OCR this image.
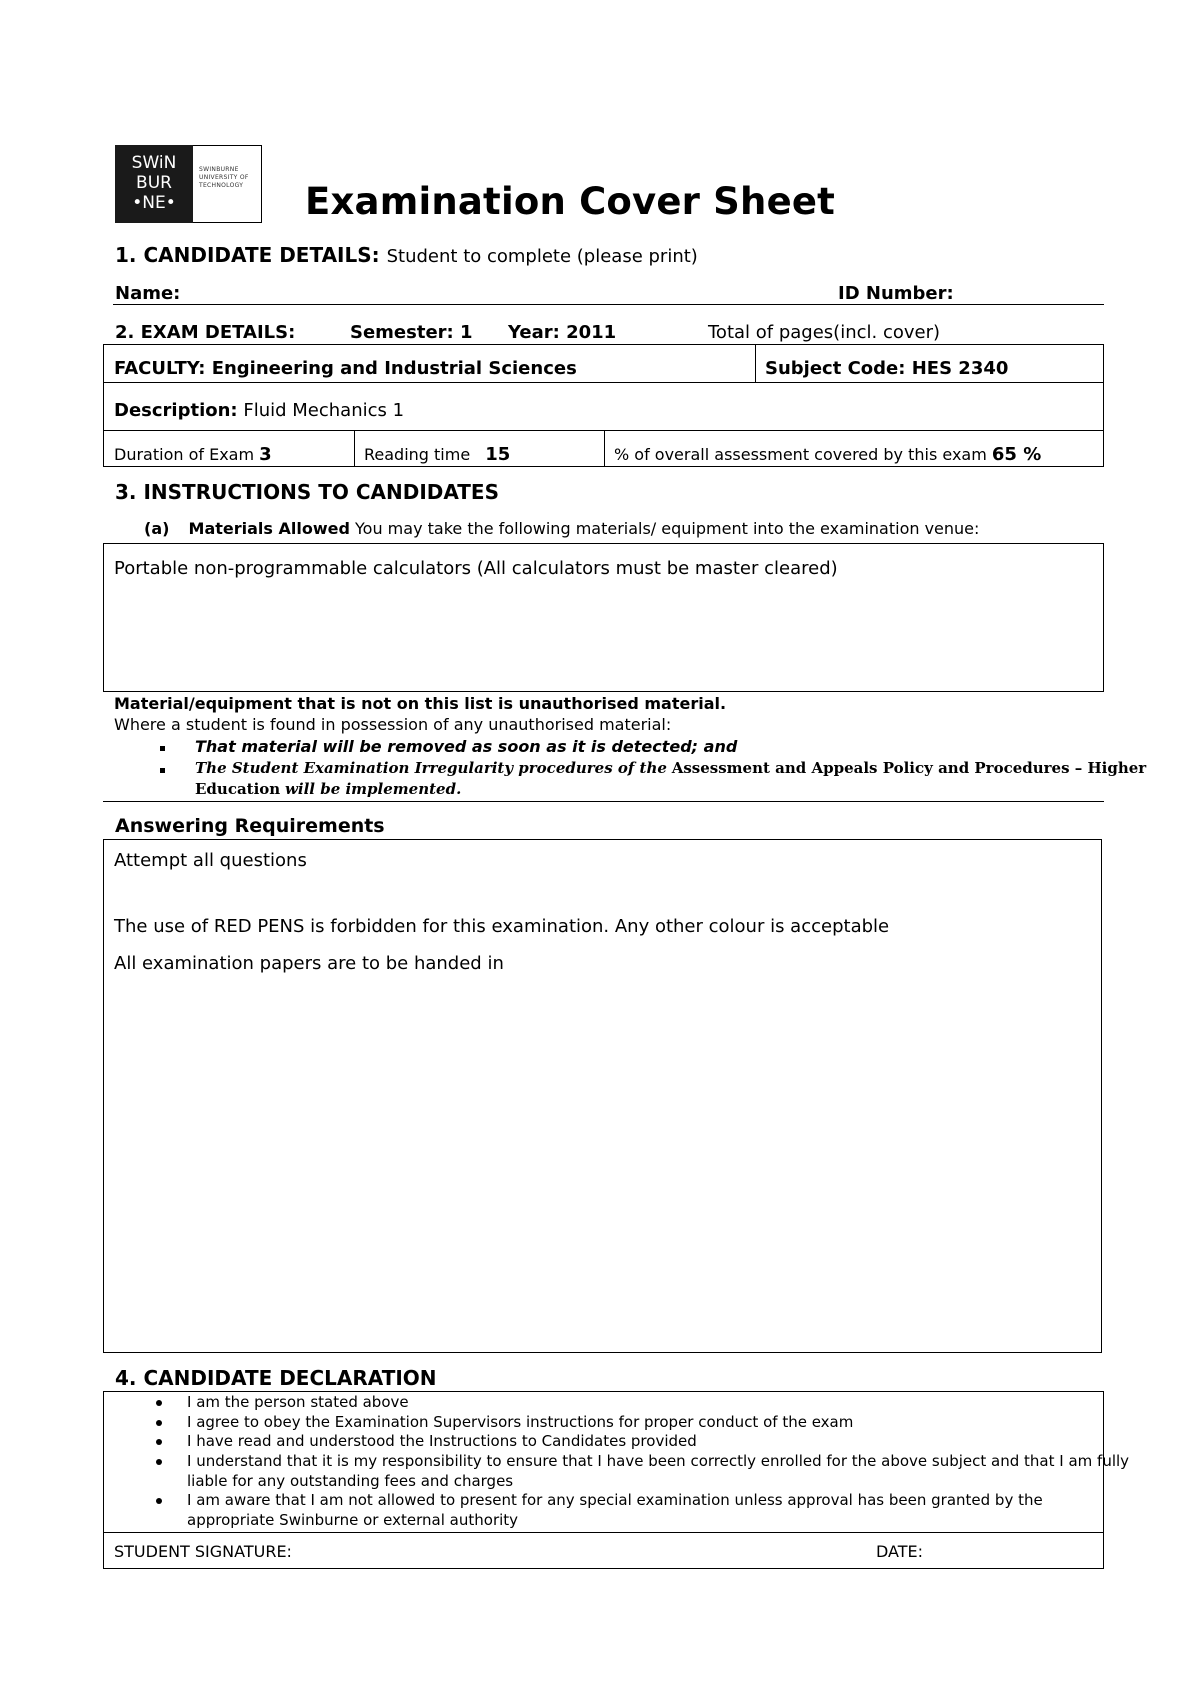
SWiN
BUR
•NE•
SWINBURNE
UNIVERSITY OF
TECHNOLOGY	Examination Cover Sheet
1. CANDIDATE DETAILS: Student to complete (please print)
Name:	ID Number:
2. EXAM DETAILS:	Semester: 1 Year: 2011	Total of pages(incl. cover)
FACULTY: Engineering and Industrial Sciences	Subject Code: HES 2340
Description: Fluid Mechanics 1
Duration of Exam 3	Reading time 15	% of overall assessment covered by this exam 65 %
3. INSTRUCTIONS TO CANDIDATES
(a) Materials Allowed You may take the following materials/ equipment into the examination venue:
Portable non-programmable calculators (All calculators must be master cleared)
Material/equipment that is not on this list is unauthorised material.
Where a student is found in possession of any unauthorised material:
That material will be removed as soon as it is detected; and
The Student Examination Irregularity procedures of the Assessment and Appeals Policy and Procedures – Higher
Education will be implemented.
Answering Requirements
Attempt all questions
The use of RED PENS is forbidden for this examination. Any other colour is acceptable
All examination papers are to be handed in
4. CANDIDATE DECLARATION
I am the person stated above
I agree to obey the Examination Supervisors instructions for proper conduct of the exam
I have read and understood the Instructions to Candidates provided
I understand that it is my responsibility to ensure that I have been correctly enrolled for the above subject and that I am fully
liable for any outstanding fees and charges
I am aware that I am not allowed to present for any special examination unless approval has been granted by the
appropriate Swinburne or external authority
STUDENT SIGNATURE:	DATE:
